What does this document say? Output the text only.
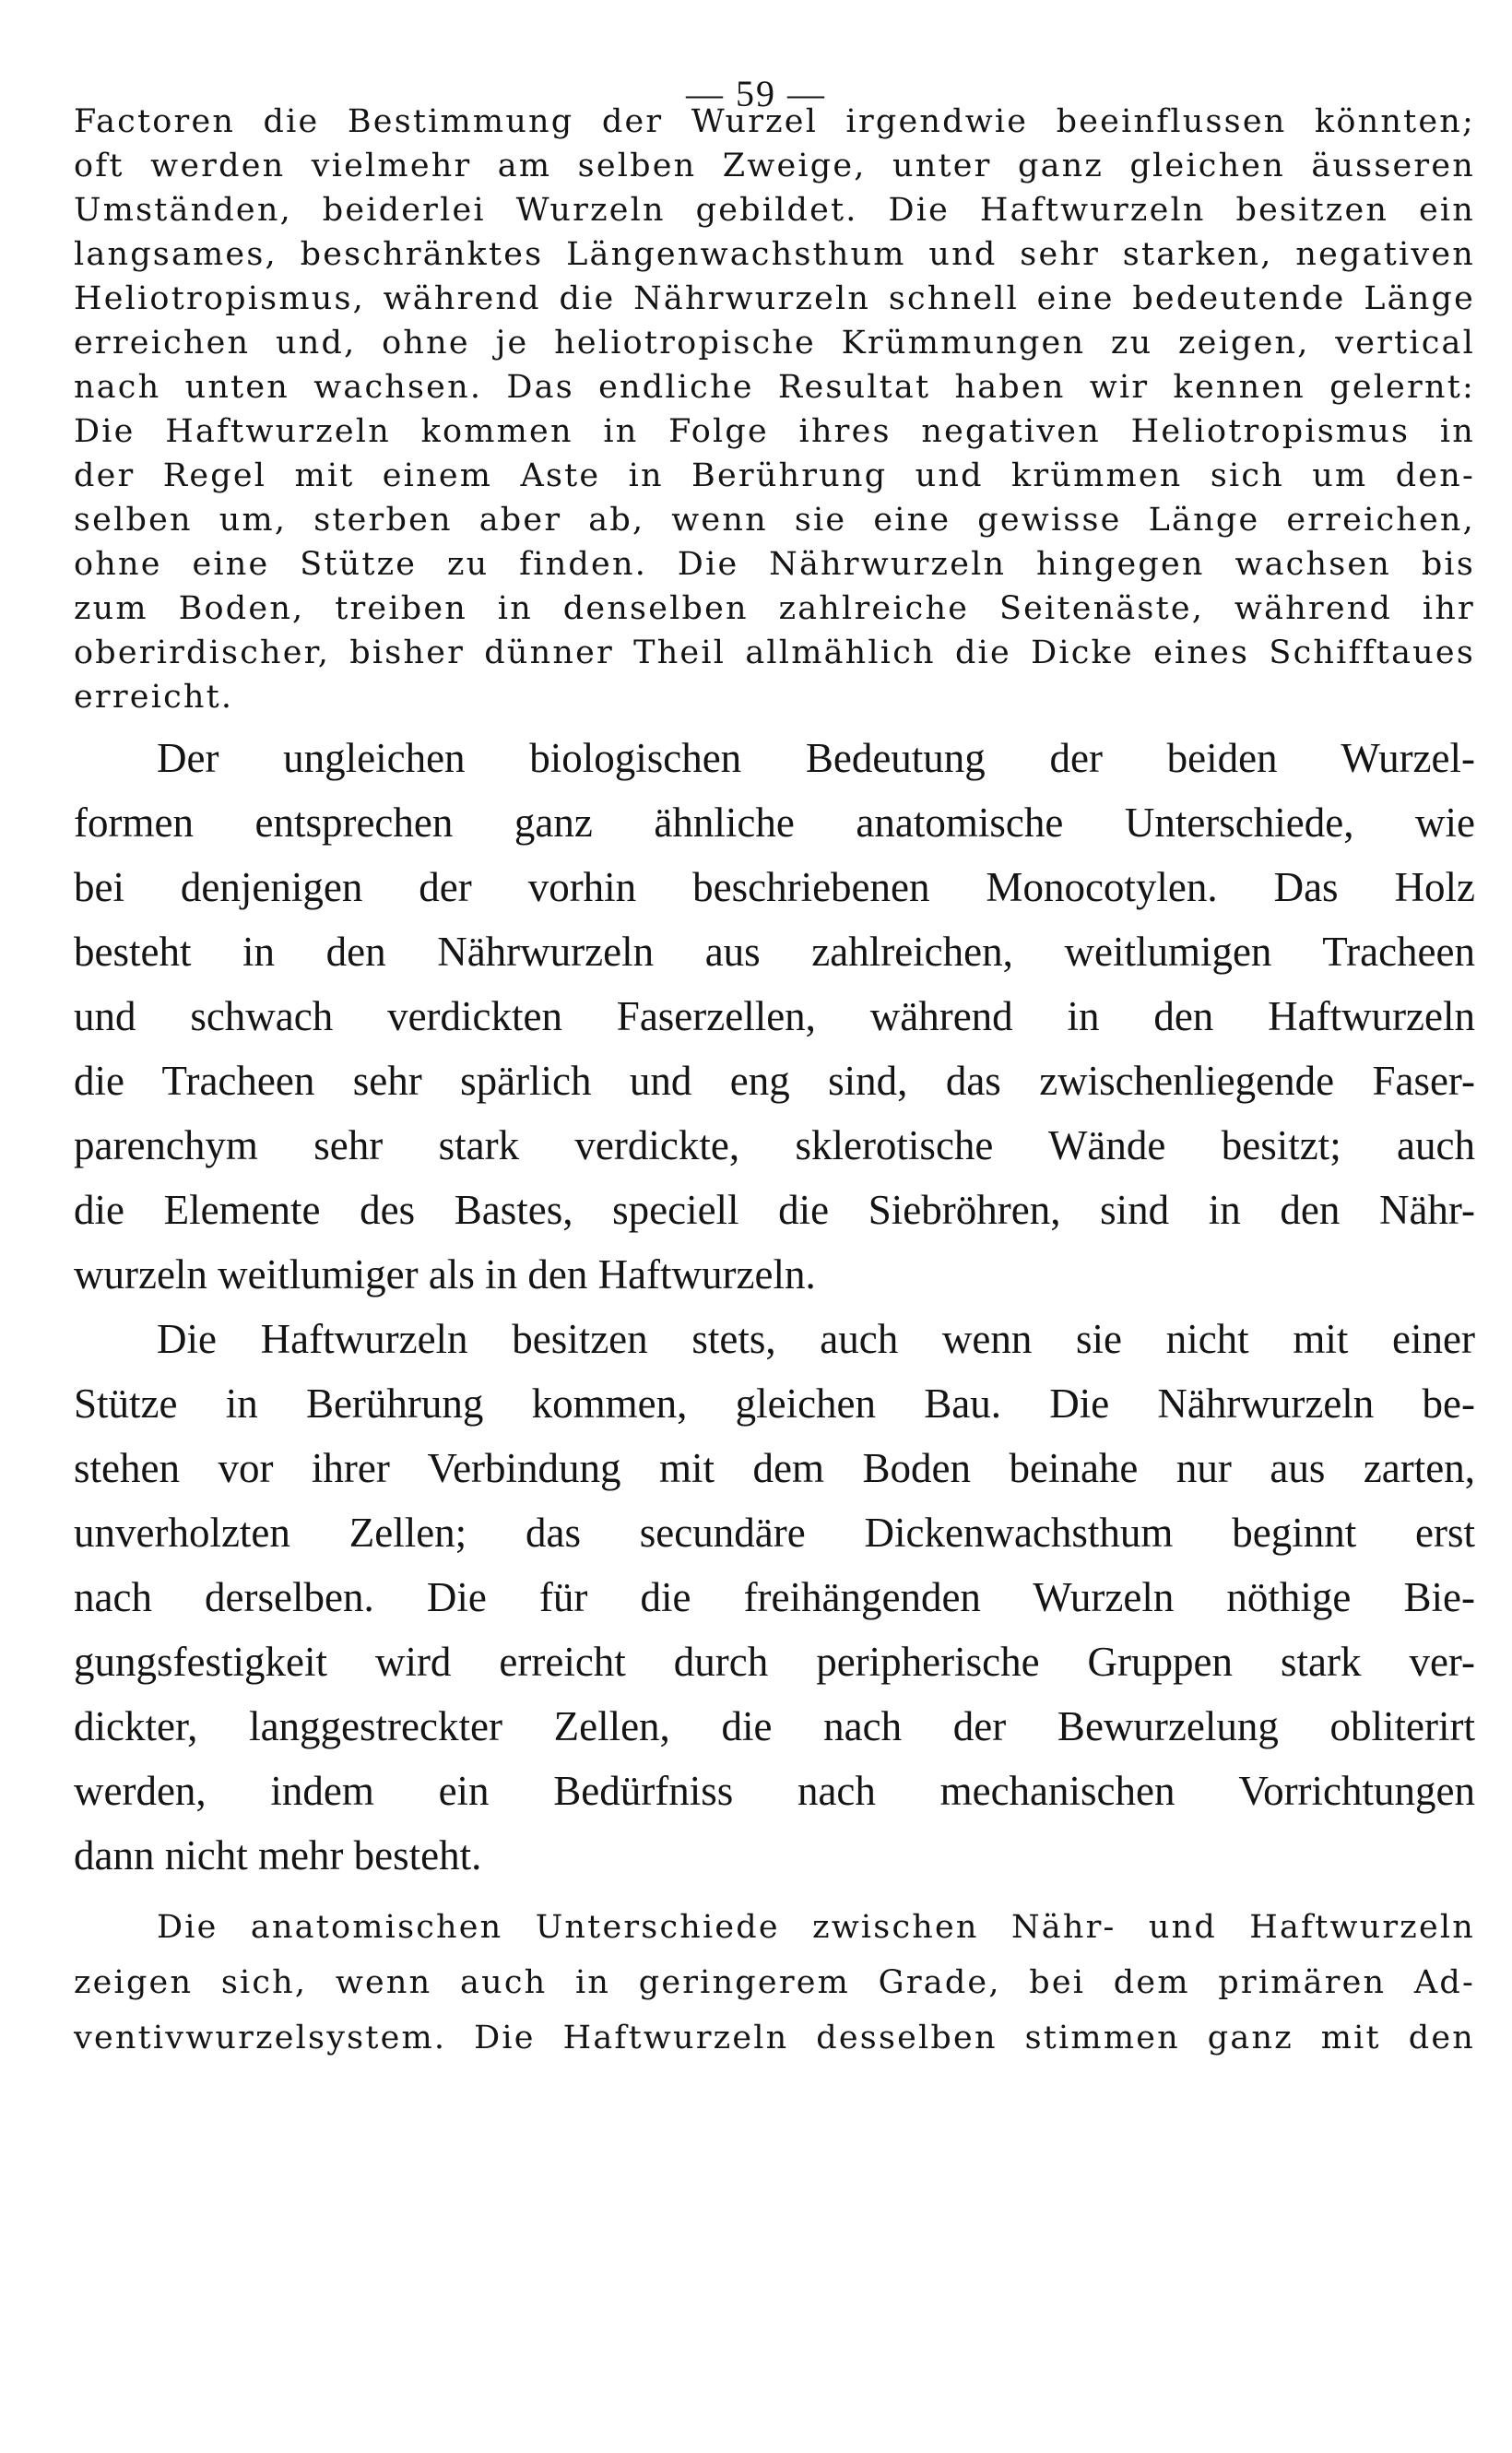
— 59 —

Factoren die Bestimmung der Wurzel irgendwie beeinflussen könnten;

oft werden vielmehr am selben Zweige, unter ganz gleichen äusseren

Umständen, beiderlei Wurzeln gebildet. Die Haftwurzeln besitzen ein

langsames, beschränktes Längenwachsthum und sehr starken, negativen

Heliotropismus, während die Nährwurzeln schnell eine bedeutende Länge

erreichen und, ohne je heliotropische Krümmungen zu zeigen, vertical

nach unten wachsen. Das endliche Resultat haben wir kennen gelernt:

Die Haftwurzeln kommen in Folge ihres negativen Heliotropismus in

der Regel mit einem Aste in Berührung und krümmen sich um den-

selben um, sterben aber ab, wenn sie eine gewisse Länge erreichen,

ohne eine Stütze zu finden. Die Nährwurzeln hingegen wachsen bis

zum Boden, treiben in denselben zahlreiche Seitenäste, während ihr

oberirdischer, bisher dünner Theil allmählich die Dicke eines Schifftaues

erreicht.

Der ungleichen biologischen Bedeutung der beiden Wurzel-

formen entsprechen ganz ähnliche anatomische Unterschiede, wie

bei denjenigen der vorhin beschriebenen Monocotylen. Das Holz

besteht in den Nährwurzeln aus zahlreichen, weitlumigen Tracheen

und schwach verdickten Faserzellen, während in den Haftwurzeln

die Tracheen sehr spärlich und eng sind, das zwischenliegende Faser-

parenchym sehr stark verdickte, sklerotische Wände besitzt; auch

die Elemente des Bastes, speciell die Siebröhren, sind in den Nähr-

wurzeln weitlumiger als in den Haftwurzeln.

Die Haftwurzeln besitzen stets, auch wenn sie nicht mit einer

Stütze in Berührung kommen, gleichen Bau. Die Nährwurzeln be-

stehen vor ihrer Verbindung mit dem Boden beinahe nur aus zarten,

unverholzten Zellen; das secundäre Dickenwachsthum beginnt erst

nach derselben. Die für die freihängenden Wurzeln nöthige Bie-

gungsfestigkeit wird erreicht durch peripherische Gruppen stark ver-

dickter, langgestreckter Zellen, die nach der Bewurzelung obliterirt

werden, indem ein Bedürfniss nach mechanischen Vorrichtungen

dann nicht mehr besteht.

Die anatomischen Unterschiede zwischen Nähr- und Haftwurzeln

zeigen sich, wenn auch in geringerem Grade, bei dem primären Ad-

ventivwurzelsystem. Die Haftwurzeln desselben stimmen ganz mit den
